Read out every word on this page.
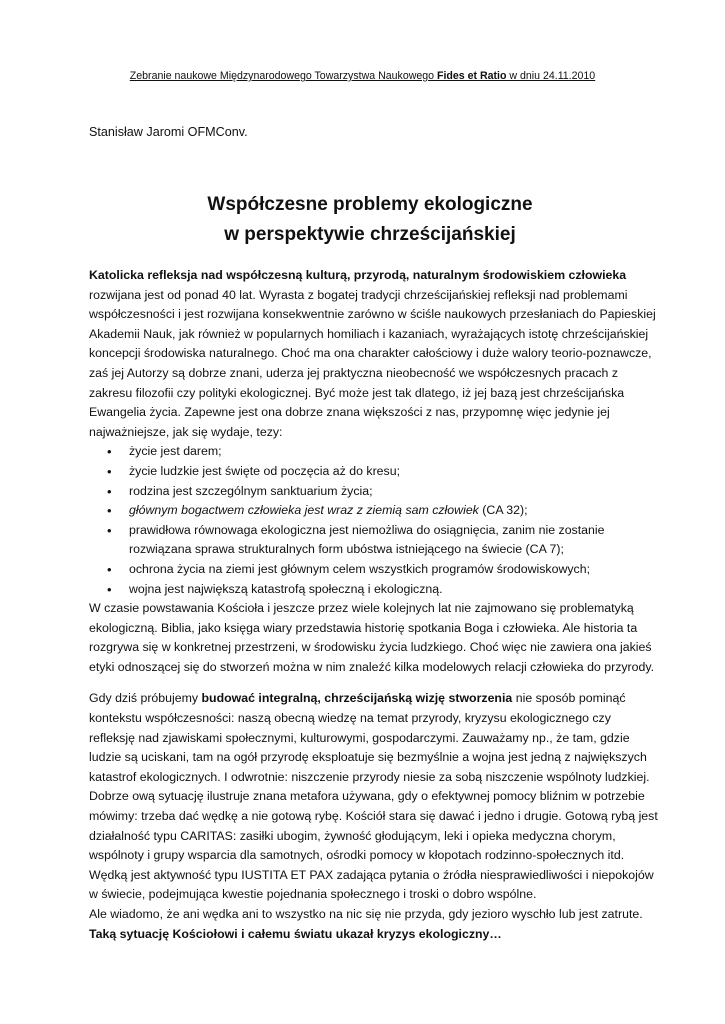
Zebranie naukowe Międzynarodowego Towarzystwa Naukowego Fides et Ratio w dniu 24.11.2010
Stanisław Jaromi OFMConv.
Współczesne problemy ekologiczne
w perspektywie chrześcijańskiej

Katolicka refleksja nad współczesną kulturą, przyrodą, naturalnym środowiskiem człowieka rozwijana jest od ponad 40 lat. Wyrasta z bogatej tradycji chrześcijańskiej refleksji nad problemami współczesności i jest rozwijana konsekwentnie zarówno w ściśle naukowych przesłaniach do Papieskiej Akademii Nauk, jak również w popularnych homiliach i kazaniach, wyrażających istotę chrześcijańskiej koncepcji środowiska naturalnego. Choć ma ona charakter całościowy i duże walory teorio-poznawcze, zaś jej Autorzy są dobrze znani, uderza jej praktyczna nieobecność we współczesnych pracach z zakresu filozofii czy polityki ekologicznej. Być może jest tak dlatego, iż jej bazą jest chrześcijańska Ewangelia życia. Zapewne jest ona dobrze znana większości z nas, przypomnę więc jedynie jej najważniejsze, jak się wydaje, tezy:

• życie jest darem;
• życie ludzkie jest święte od poczęcia aż do kresu;
• rodzina jest szczególnym sanktuarium życia;
• głównym bogactwem człowieka jest wraz z ziemią sam człowiek (CA 32);
• prawidłowa równowaga ekologiczna jest niemożliwa do osiągnięcia, zanim nie zostanie rozwiązana sprawa strukturalnych form ubóstwa istniejącego na świecie (CA 7);
• ochrona życia na ziemi jest głównym celem wszystkich programów środowiskowych;
• wojna jest największą katastrofą społeczną i ekologiczną.

W czasie powstawania Kościoła i jeszcze przez wiele kolejnych lat nie zajmowano się problematyką ekologiczną. Biblia, jako księga wiary przedstawia historię spotkania Boga i człowieka. Ale historia ta rozgrywa się w konkretnej przestrzeni, w środowisku życia ludzkiego. Choć więc nie zawiera ona jakieś etyki odnoszącej się do stworzeń można w nim znaleźć kilka modelowych relacji człowieka do przyrody.

Gdy dziś próbujemy budować integralną, chrześcijańską wizję stworzenia nie sposób pominąć kontekstu współczesności: naszą obecną wiedzę na temat przyrody, kryzysu ekologicznego czy refleksję nad zjawiskami społecznymi, kulturowymi, gospodarczymi. Zauważamy np., że tam, gdzie ludzie są uciskani, tam na ogół przyrodę eksploatuje się bezmyślnie a wojna jest jedną z największych katastrof ekologicznych. I odwrotnie: niszczenie przyrody niesie za sobą niszczenie wspólnoty ludzkiej. Dobrze ową sytuację ilustruje znana metafora używana, gdy o efektywnej pomocy bliźnim w potrzebie mówimy: trzeba dać wędkę a nie gotową rybę. Kościół stara się dawać i jedno i drugie. Gotową rybą jest działalność typu CARITAS: zasiłki ubogim, żywność głodującym, leki i opieka medyczna chorym, wspólnoty i grupy wsparcia dla samotnych, ośrodki pomocy w kłopotach rodzinno-społecznych itd. Wędką jest aktywność typu IUSTITA ET PAX zadająca pytania o źródła niesprawiedliwości i niepokojów w świecie, podejmująca kwestie pojednania społecznego i troski o dobro wspólne.

Ale wiadomo, że ani wędka ani to wszystko na nic się nie przyda, gdy jezioro wyschło lub jest zatrute.

Taką sytuację Kościołowi i całemu światu ukazał kryzys ekologiczny…
